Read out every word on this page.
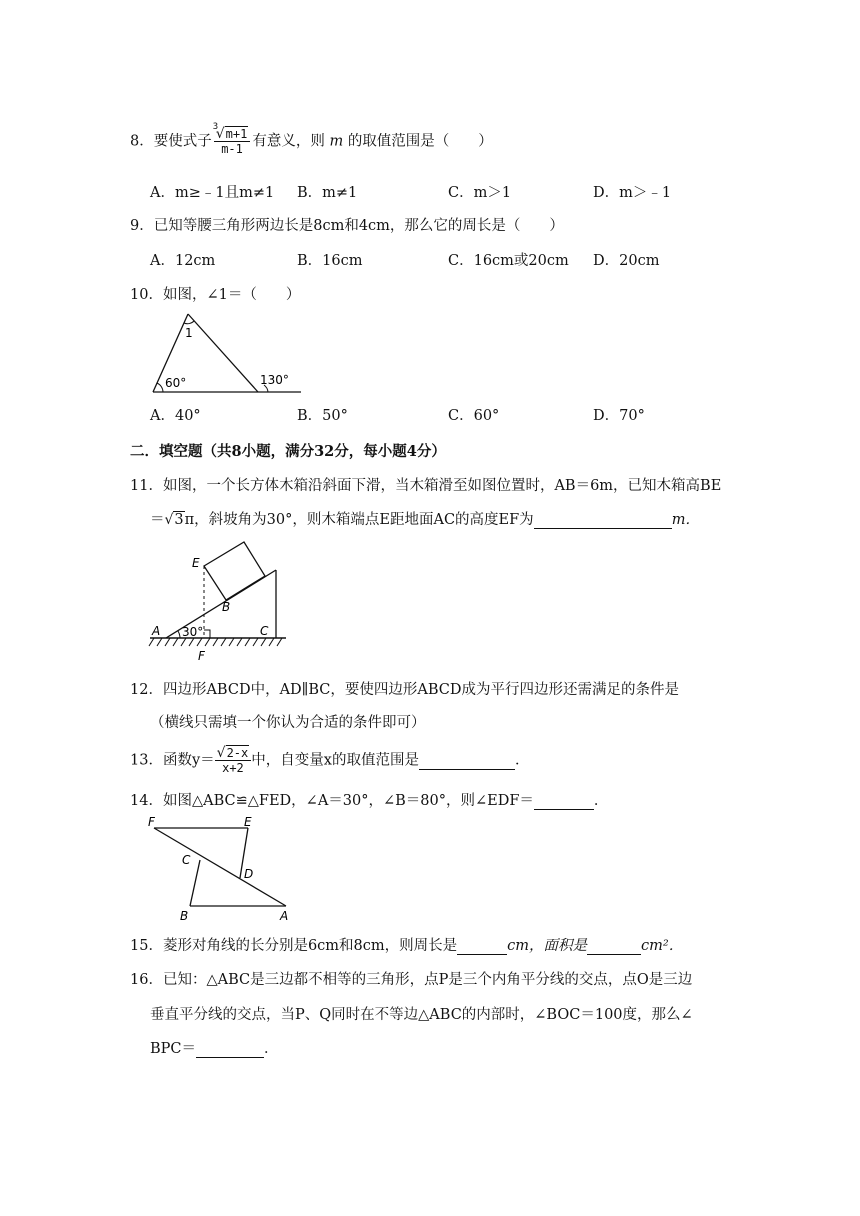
8．要使式子 3
√m+1
m-1 有意义，则 m 的取值范围是（　　）
A．m≥﹣1且m≠1 B．m≠1	C．m＞1	D．m＞﹣1
9．已知等腰三角形两边长是8cm和4cm，那么它的周长是（　　）
A．12cm	B．16cm	C．16cm或20cm D．20cm
10．如图，∠1＝（　　）
1
60°	130°
A．40°	B．50°	C．60°	D．70°
二．填空题（共8小题，满分32分，每小题4分）
11．如图，一个长方体木箱沿斜面下滑，当木箱滑至如图位置时，AB＝6m，已知木箱高BE
＝√3π，斜坡角为30°，则木箱端点E距地面AC的高度EF为	m．
E
B
A	C
F
30°
12．四边形ABCD中，AD∥BC，要使四边形ABCD成为平行四边形还需满足的条件是
（横线只需填一个你认为合适的条件即可）
13．函数$y= \frac{√2-x}{x+2}$ 中，自变量x的取值范围是	．
14．如图△ABC≌△FED，∠A＝30°，∠B＝80°，则∠EDF＝	．
F	E
C
D
B	A
15．菱形对角线的长分别是6cm和8cm，则周长是	cm，面积是	cm²．
16．已知：△ABC是三边都不相等的三角形，点P是三个内角平分线的交点，点O是三边
垂直平分线的交点，当P、Q同时在不等边△ABC的内部时，∠BOC＝100度，那么∠
BPC＝	．
